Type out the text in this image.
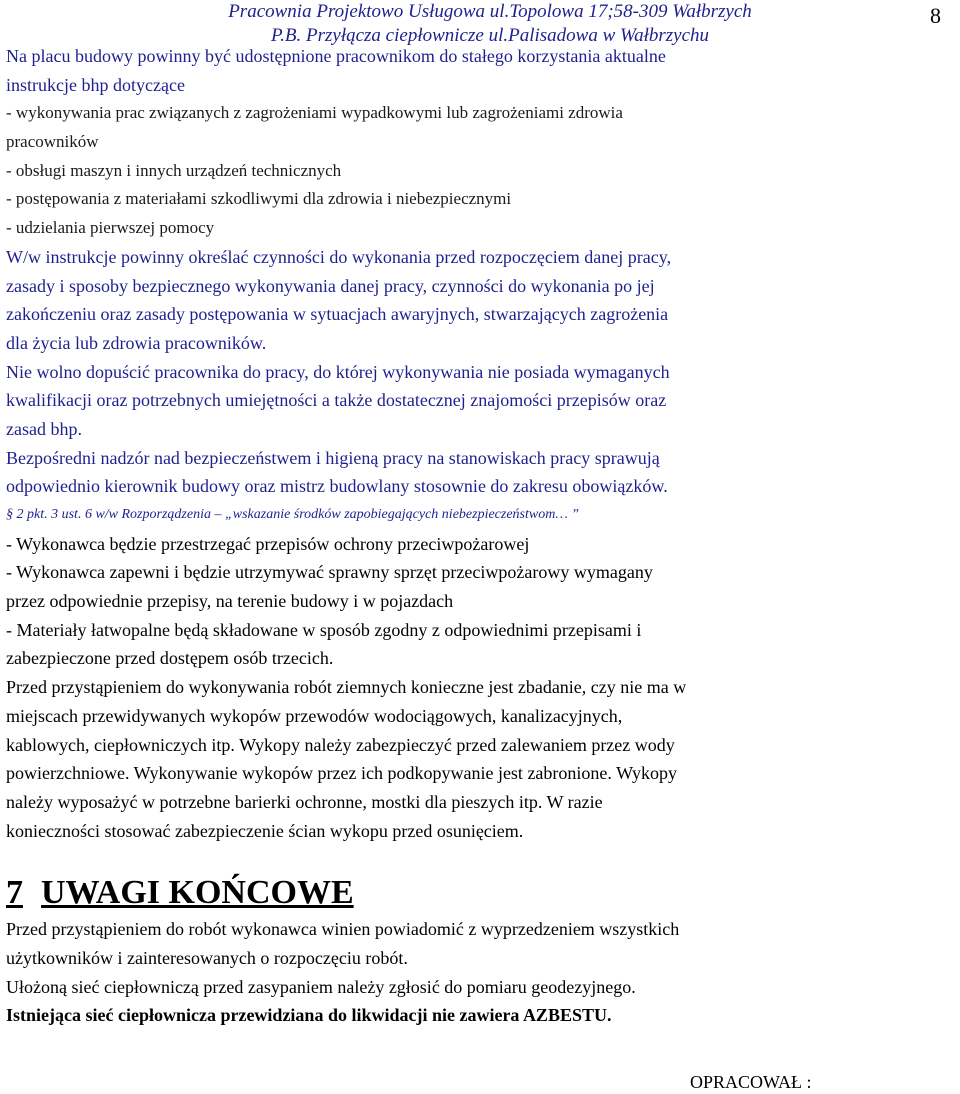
Pracownia Projektowo Usługowa ul.Topolowa 17;58-309 Wałbrzych
P.B. Przyłącza ciepłownicze ul.Palisadowa w Wałbrzychu
8
Na placu budowy powinny być udostępnione pracownikom do stałego korzystania aktualne
instrukcje bhp dotyczące
- wykonywania prac związanych z zagrożeniami wypadkowymi lub zagrożeniami zdrowia
pracowników
- obsługi maszyn i innych urządzeń technicznych
- postępowania z materiałami szkodliwymi dla zdrowia i niebezpiecznymi
- udzielania pierwszej pomocy
W/w instrukcje powinny określać czynności do wykonania przed rozpoczęciem danej pracy,
zasady i sposoby bezpiecznego wykonywania danej pracy, czynności do wykonania po jej
zakończeniu oraz zasady postępowania w sytuacjach awaryjnych, stwarzających zagrożenia
dla życia lub zdrowia pracowników.
Nie wolno dopuścić pracownika do pracy, do której wykonywania nie posiada wymaganych
kwalifikacji oraz potrzebnych umiejętności a także dostatecznej znajomości przepisów oraz
zasad bhp.
Bezpośredni nadzór nad bezpieczeństwem i higieną pracy na stanowiskach pracy sprawują
odpowiednio kierownik budowy oraz mistrz budowlany stosownie do zakresu obowiązków.
§ 2 pkt. 3 ust. 6 w/w Rozporządzenia – „wskazanie środków zapobiegających niebezpieczeństwom… ”
- Wykonawca będzie przestrzegać przepisów ochrony przeciwpożarowej
- Wykonawca zapewni i będzie utrzymywać sprawny sprzęt przeciwpożarowy wymagany
przez odpowiednie przepisy, na terenie budowy i w pojazdach
- Materiały łatwopalne będą składowane w sposób zgodny z odpowiednimi przepisami i
zabezpieczone przed dostępem osób trzecich.
Przed przystąpieniem do wykonywania robót ziemnych konieczne jest zbadanie, czy nie ma w
miejscach przewidywanych wykopów przewodów wodociągowych, kanalizacyjnych,
kablowych, ciepłowniczych itp. Wykopy należy zabezpieczyć przed zalewaniem przez wody
powierzchniowe. Wykonywanie wykopów przez ich podkopywanie jest zabronione. Wykopy
należy wyposażyć w potrzebne barierki ochronne, mostki dla pieszych itp. W razie
konieczności stosować zabezpieczenie ścian wykopu przed osunięciem.
7 UWAGI KOŃCOWE
Przed przystąpieniem do robót wykonawca winien powiadomić z wyprzedzeniem wszystkich
użytkowników i zainteresowanych o rozpoczęciu robót.
Ułożoną sieć ciepłowniczą przed zasypaniem należy zgłosić do pomiaru geodezyjnego.
Istniejąca sieć ciepłownicza przewidziana do likwidacji nie zawiera AZBESTU.
OPRACOWAŁ :
